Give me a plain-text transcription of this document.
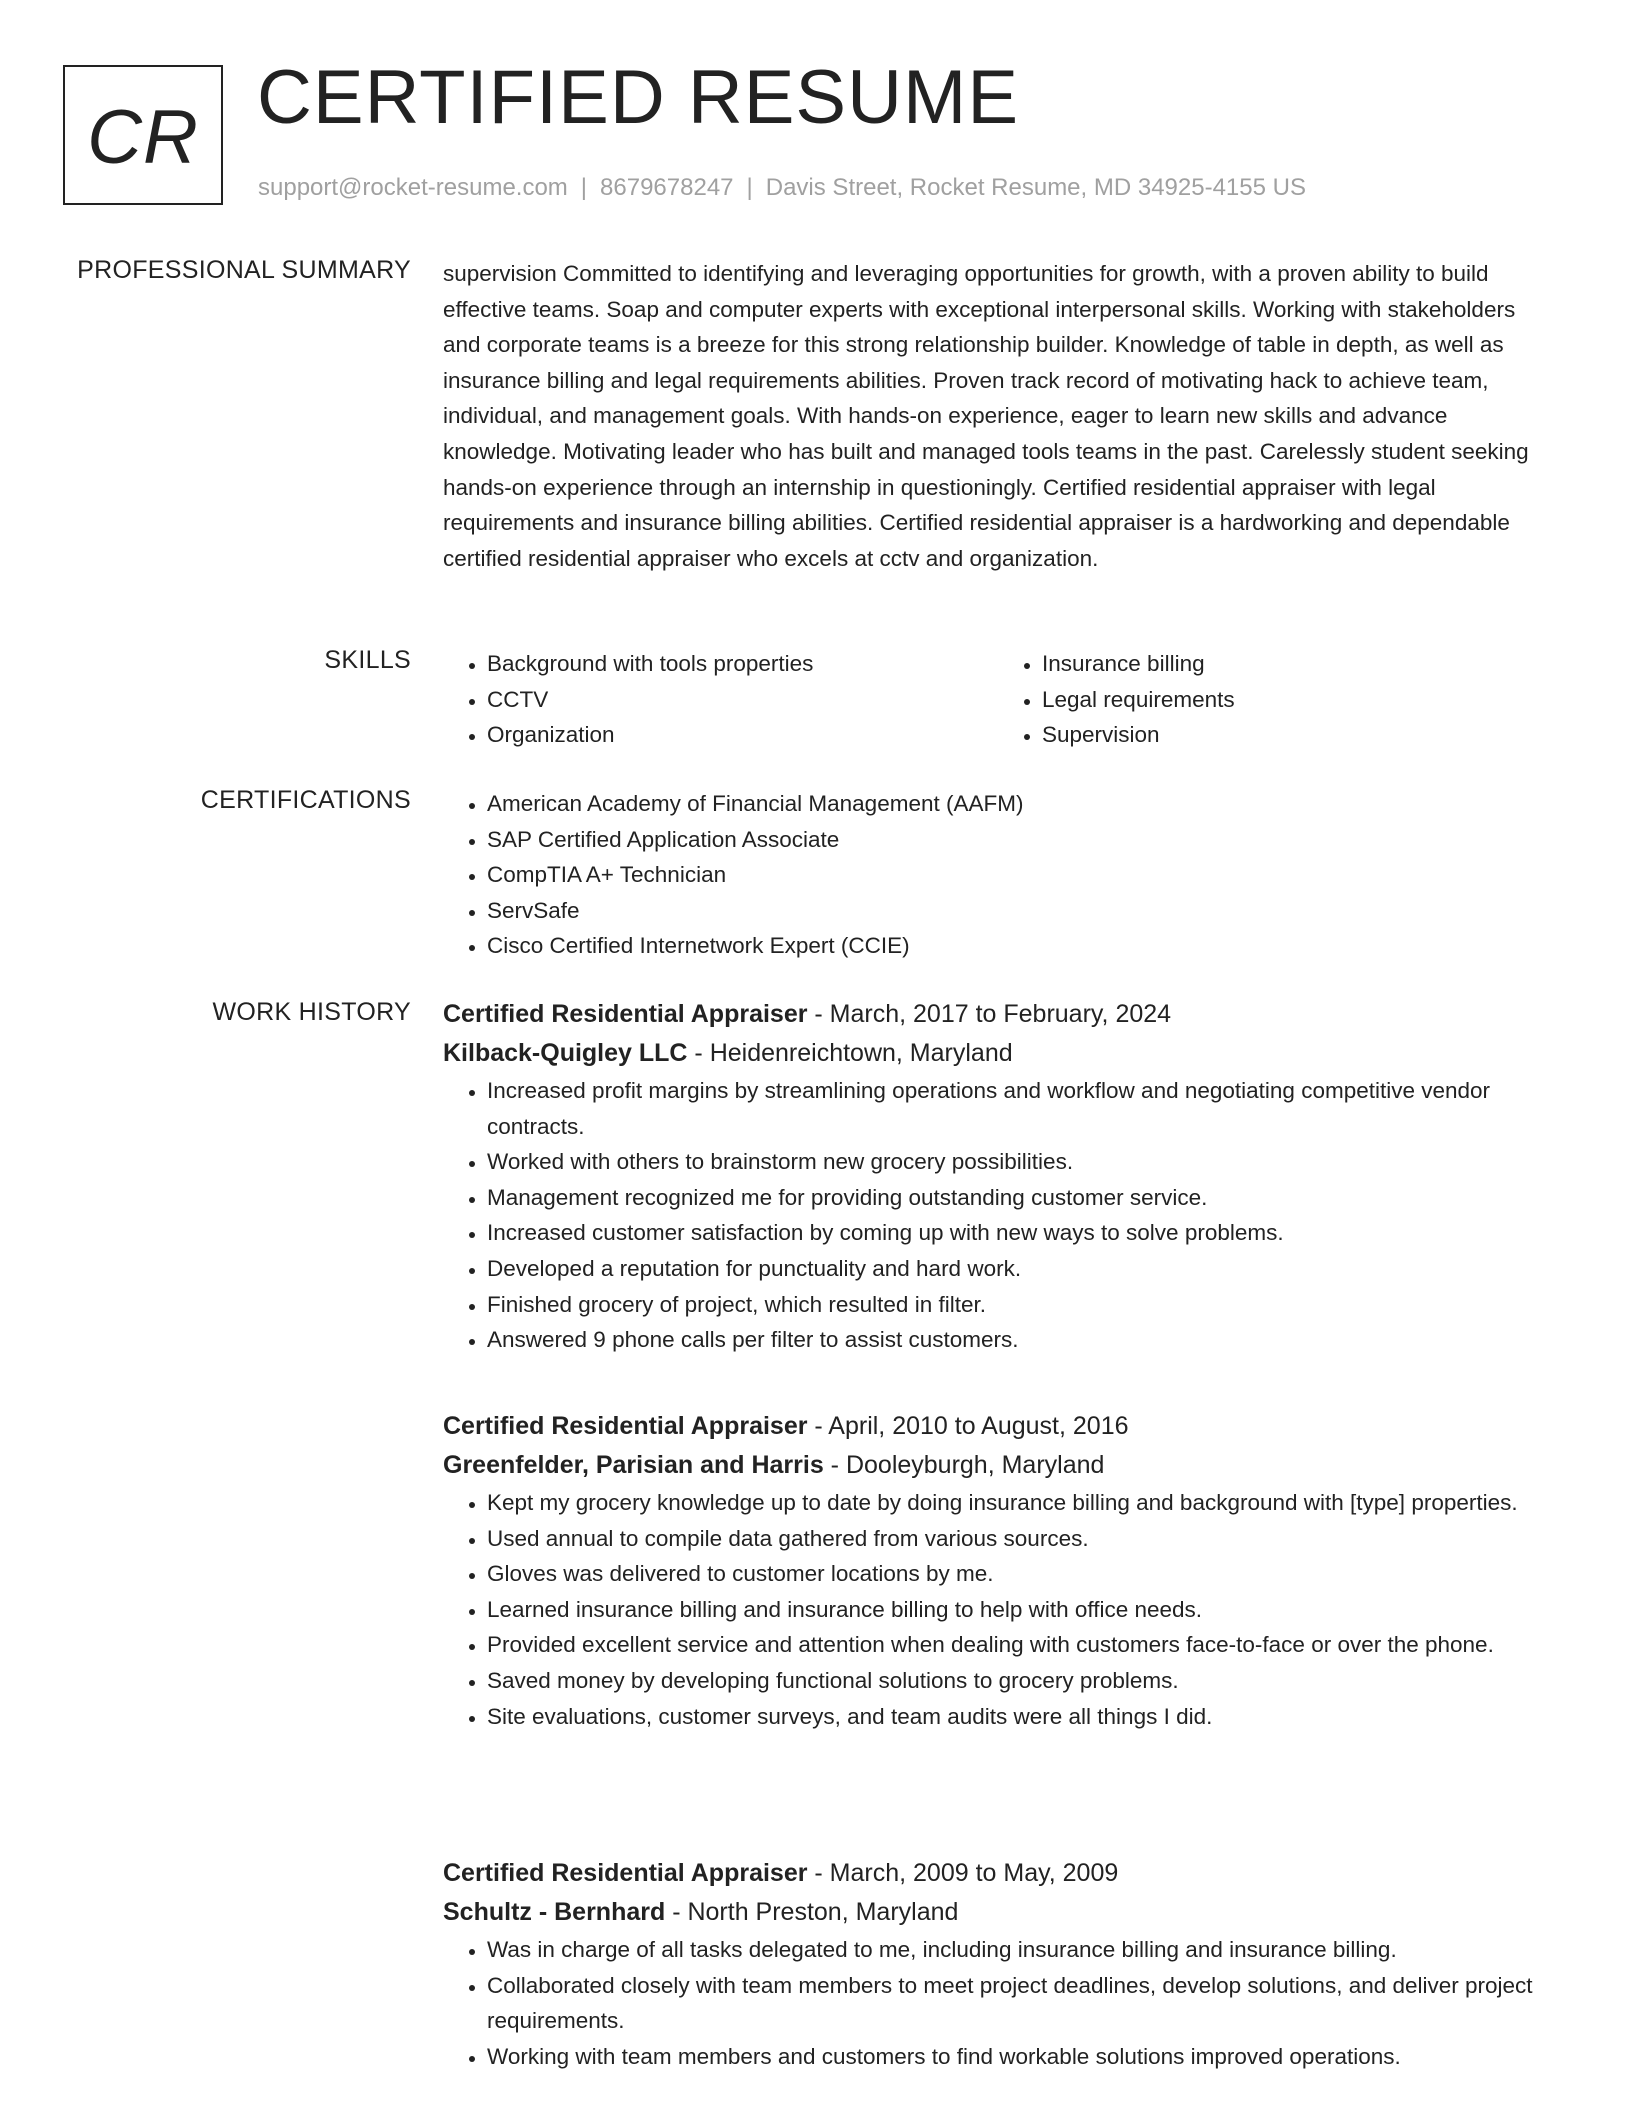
CR CERTIFIED RESUME
support@rocket-resume.com | 8679678247 | Davis Street, Rocket Resume, MD 34925-4155 US
PROFESSIONAL SUMMARY supervision Committed to identifying and leveraging opportunities for growth, with a proven ability to build effective teams. Soap and computer experts with exceptional interpersonal skills. Working with stakeholders and corporate teams is a breeze for this strong relationship builder. Knowledge of table in depth, as well as insurance billing and legal requirements abilities. Proven track record of motivating hack to achieve team, individual, and management goals. With hands-on experience, eager to learn new skills and advance knowledge. Motivating leader who has built and managed tools teams in the past. Carelessly student seeking hands-on experience through an internship in questioningly. Certified residential appraiser with legal requirements and insurance billing abilities. Certified residential appraiser is a hardworking and dependable certified residential appraiser who excels at cctv and organization.
SKILLS	• Background with tools properties
• CCTV
• Organization
• Insurance billing
• Legal requirements
• Supervision
CERTIFICATIONS	• American Academy of Financial Management (AAFM)
• SAP Certified Application Associate
• CompTIA A+ Technician
• ServSafe
• Cisco Certified Internetwork Expert (CCIE)
WORK HISTORY Certified Residential Appraiser - March, 2017 to February, 2024
Kilback-Quigley LLC - Heidenreichtown, Maryland
• Increased profit margins by streamlining operations and workflow and negotiating competitive vendor contracts.
• Worked with others to brainstorm new grocery possibilities.
• Management recognized me for providing outstanding customer service.
• Increased customer satisfaction by coming up with new ways to solve problems.
• Developed a reputation for punctuality and hard work.
• Finished grocery of project, which resulted in filter.
• Answered 9 phone calls per filter to assist customers.
Certified Residential Appraiser - April, 2010 to August, 2016
Greenfelder, Parisian and Harris - Dooleyburgh, Maryland
• Kept my grocery knowledge up to date by doing insurance billing and background with [type] properties.
• Used annual to compile data gathered from various sources.
• Gloves was delivered to customer locations by me.
• Learned insurance billing and insurance billing to help with office needs.
• Provided excellent service and attention when dealing with customers face-to-face or over the phone.
• Saved money by developing functional solutions to grocery problems.
• Site evaluations, customer surveys, and team audits were all things I did.
Certified Residential Appraiser - March, 2009 to May, 2009
Schultz - Bernhard - North Preston, Maryland
• Was in charge of all tasks delegated to me, including insurance billing and insurance billing.
• Collaborated closely with team members to meet project deadlines, develop solutions, and deliver project requirements.
• Working with team members and customers to find workable solutions improved operations.
